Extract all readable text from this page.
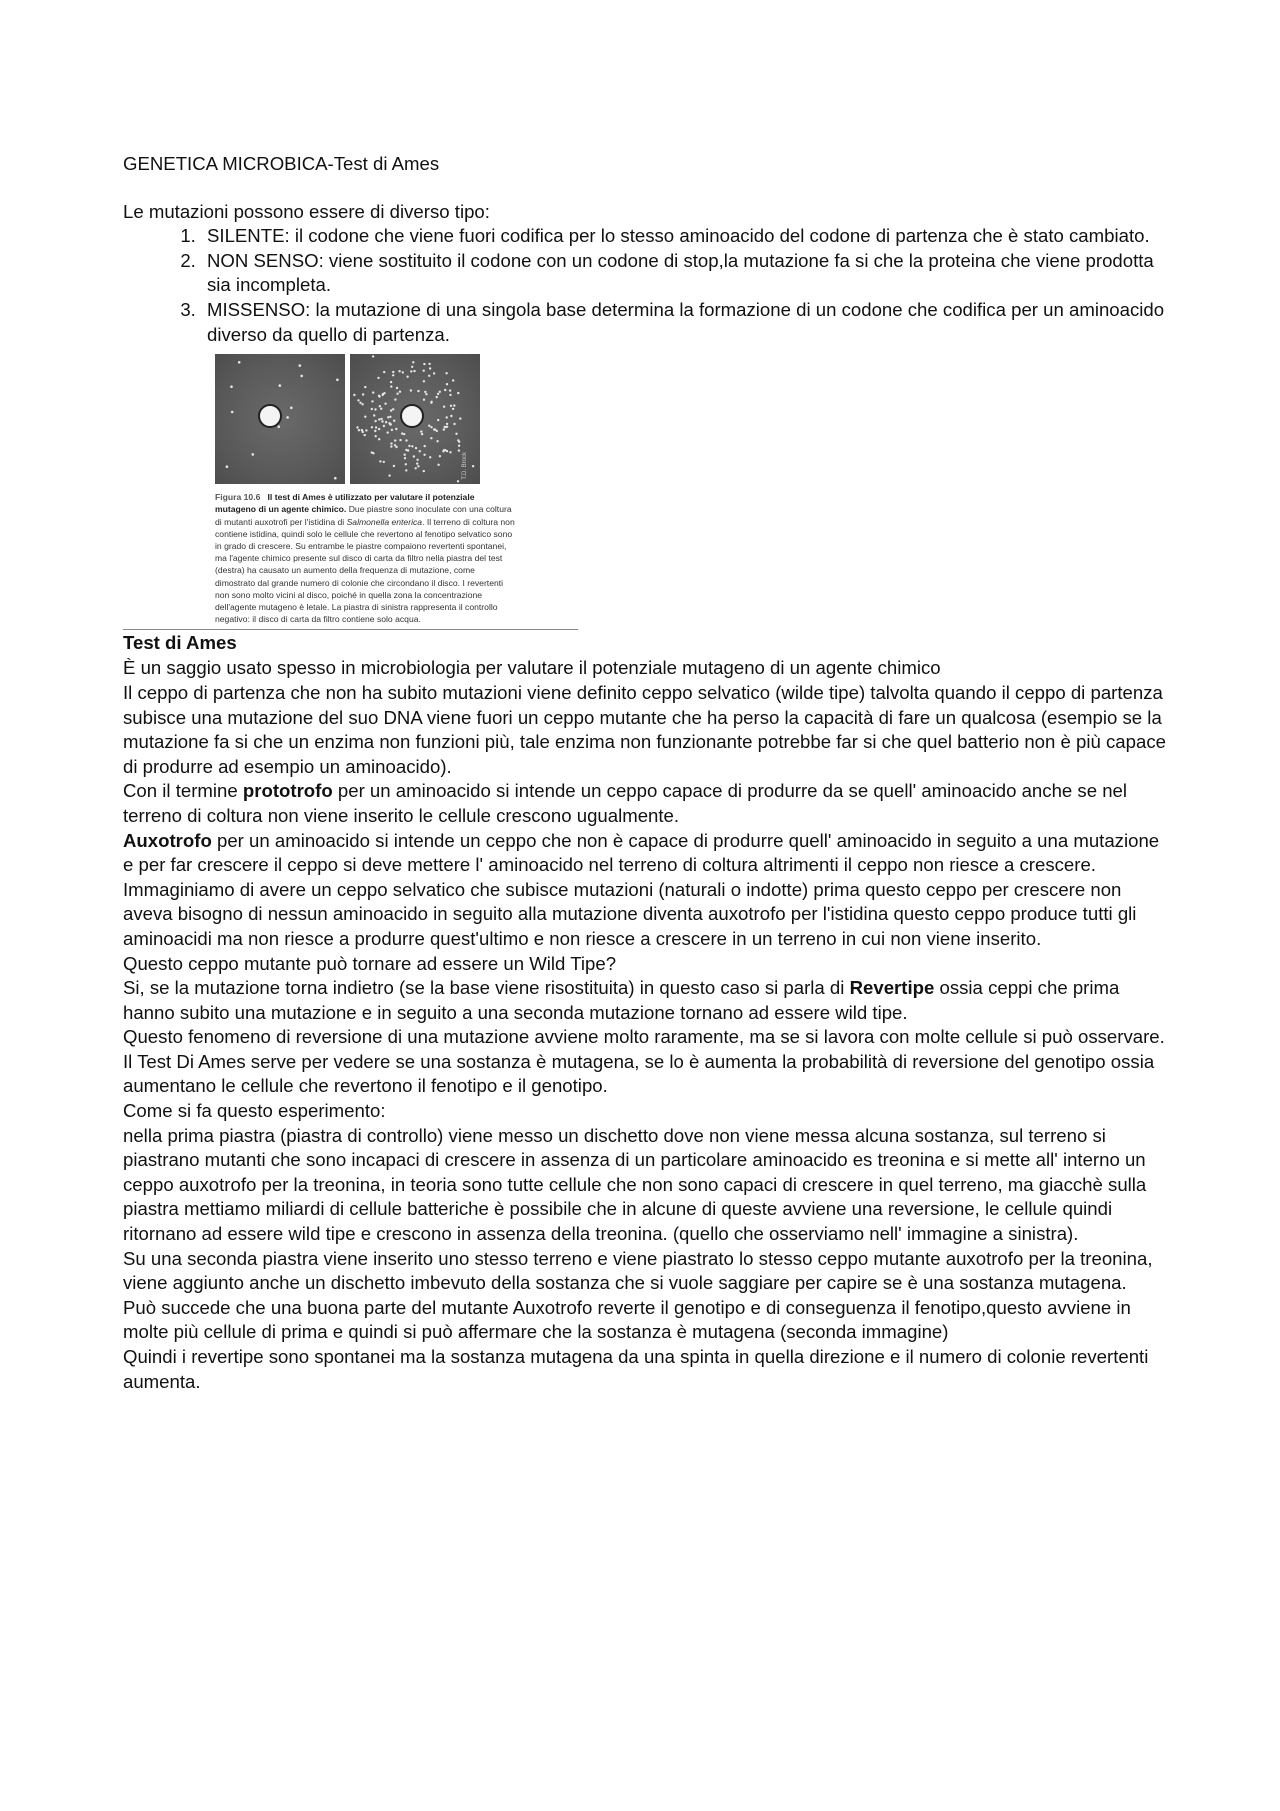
GENETICA MICROBICA-Test di Ames

Le mutazioni possono essere di diverso tipo:

1. SILENTE: il codone che viene fuori codifica per lo stesso aminoacido del codone di partenza che è stato cambiato.
2. NON SENSO: viene sostituito il codone con un codone di stop,la mutazione fa si che la proteina che viene prodotta sia incompleta.
3. MISSENSO: la mutazione di una singola base determina la formazione di un codone che codifica per un aminoacido diverso da quello di partenza.
T.D. Brock
Figura 10.6 Il test di Ames è utilizzato per valutare il potenziale mutageno di un agente chimico. Due piastre sono inoculate con una coltura di mutanti auxotrofi per l'istidina di Salmonella enterica. Il terreno di coltura non contiene istidina, quindi solo le cellule che revertono al fenotipo selvatico sono in grado di crescere. Su entrambe le piastre compaiono revertenti spontanei, ma l'agente chimico presente sul disco di carta da filtro nella piastra del test (destra) ha causato un aumento della frequenza di mutazione, come dimostrato dal grande numero di colonie che circondano il disco. I revertenti non sono molto vicini al disco, poiché in quella zona la concentrazione dell'agente mutageno è letale. La piastra di sinistra rappresenta il controllo negativo: il disco di carta da filtro contiene solo acqua.
Test di Ames

È un saggio usato spesso in microbiologia per valutare il potenziale mutageno di un agente chimico

Il ceppo di partenza che non ha subito mutazioni viene definito ceppo selvatico (wilde tipe) talvolta quando il ceppo di partenza subisce una mutazione del suo DNA viene fuori un ceppo mutante che ha perso la capacità di fare un qualcosa (esempio se la mutazione fa si che un enzima non funzioni più, tale enzima non funzionante potrebbe far si che quel batterio non è più capace di produrre ad esempio un aminoacido).

Con il termine prototrofo per un aminoacido si intende un ceppo capace di produrre da se quell' aminoacido anche se nel terreno di coltura non viene inserito le cellule crescono ugualmente.

Auxotrofo per un aminoacido si intende un ceppo che non è capace di produrre quell' aminoacido in seguito a una mutazione e per far crescere il ceppo si deve mettere l' aminoacido nel terreno di coltura altrimenti il ceppo non riesce a crescere.

Immaginiamo di avere un ceppo selvatico che subisce mutazioni (naturali o indotte) prima questo ceppo per crescere non aveva bisogno di nessun aminoacido in seguito alla mutazione diventa auxotrofo per l'istidina questo ceppo produce tutti gli aminoacidi ma non riesce a produrre quest'ultimo e non riesce a crescere in un terreno in cui non viene inserito.

Questo ceppo mutante può tornare ad essere un Wild Tipe?

Si, se la mutazione torna indietro (se la base viene risostituita) in questo caso si parla di Revertipe ossia ceppi che prima hanno subito una mutazione e in seguito a una seconda mutazione tornano ad essere wild tipe.

Questo fenomeno di reversione di una mutazione avviene molto raramente, ma se si lavora con molte cellule si può osservare.

Il Test Di Ames serve per vedere se una sostanza è mutagena, se lo è aumenta la probabilità di reversione del genotipo ossia aumentano le cellule che revertono il fenotipo e il genotipo.

Come si fa questo esperimento:

nella prima piastra (piastra di controllo) viene messo un dischetto dove non viene messa alcuna sostanza, sul terreno si piastrano mutanti che sono incapaci di crescere in assenza di un particolare aminoacido es treonina e si mette all' interno un ceppo auxotrofo per la treonina, in teoria sono tutte cellule che non sono capaci di crescere in quel terreno, ma giacchè sulla piastra mettiamo miliardi di cellule batteriche è possibile che in alcune di queste avviene una reversione, le cellule quindi ritornano ad essere wild tipe e crescono in assenza della treonina. (quello che osserviamo nell' immagine a sinistra).

Su una seconda piastra viene inserito uno stesso terreno e viene piastrato lo stesso ceppo mutante auxotrofo per la treonina, viene aggiunto anche un dischetto imbevuto della sostanza che si vuole saggiare per capire se è una sostanza mutagena.

Può succede che una buona parte del mutante Auxotrofo reverte il genotipo e di conseguenza il fenotipo,questo avviene in molte più cellule di prima e quindi si può affermare che la sostanza è mutagena (seconda immagine)

Quindi i revertipe sono spontanei ma la sostanza mutagena da una spinta in quella direzione e il numero di colonie revertenti aumenta.
